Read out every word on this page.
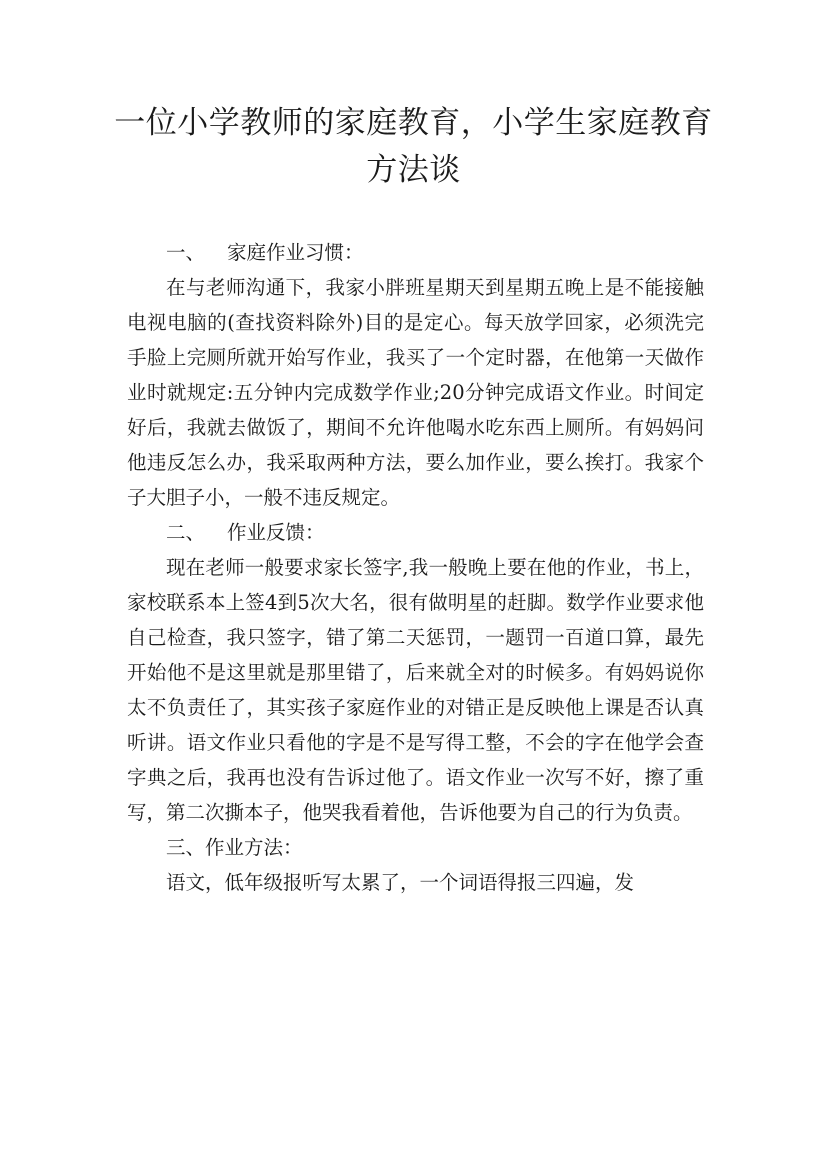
一位小学教师的家庭教育，小学生家庭教育方法谈

一、 家庭作业习惯：

在与老师沟通下，我家小胖班星期天到星期五晚上是不能接触电视电脑的(查找资料除外)目的是定心。每天放学回家，必须洗完手脸上完厕所就开始写作业，我买了一个定时器，在他第一天做作业时就规定:五分钟内完成数学作业;20分钟完成语文作业。时间定好后，我就去做饭了，期间不允许他喝水吃东西上厕所。有妈妈问他违反怎么办，我采取两种方法，要么加作业，要么挨打。我家个子大胆子小，一般不违反规定。

二、 作业反馈：

现在老师一般要求家长签字,我一般晚上要在他的作业，书上，家校联系本上签4到5次大名，很有做明星的赶脚。数学作业要求他自己检查，我只签字，错了第二天惩罚，一题罚一百道口算，最先开始他不是这里就是那里错了，后来就全对的时候多。有妈妈说你太不负责任了，其实孩子家庭作业的对错正是反映他上课是否认真听讲。语文作业只看他的字是不是写得工整，不会的字在他学会查字典之后，我再也没有告诉过他了。语文作业一次写不好，擦了重写，第二次撕本子，他哭我看着他，告诉他要为自己的行为负责。

三、作业方法：

语文，低年级报听写太累了，一个词语得报三四遍，发
